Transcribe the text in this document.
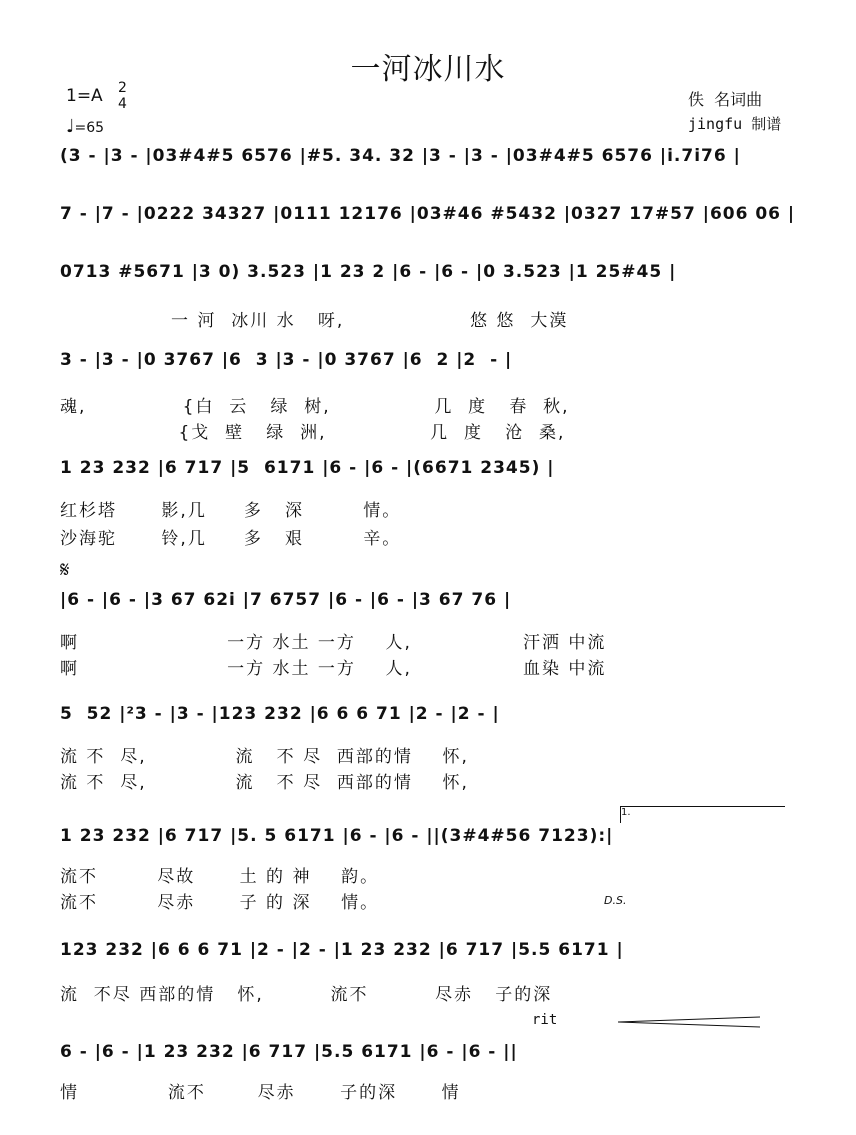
一河冰川水
1=A 2
4
♩=65
佚  名词曲
jingfu 制谱
𝄋
D.S.
rit
1.
(3 - |3 - |03#4#5 6576 |#5. 34. 32 |3 - |3 - |03#4#5 6576 |i.7i76 |
7 - |7 - |0222 34327 |0111 12176 |03#46 #5432 |0327 17#57 |606 06 |
0713 #5671 |3 0) 3.523 |1 23 2 |6 - |6 - |0 3.523 |1 25#45 |
一 河  冰川 水   呀,                 悠 悠  大漠
3 - |3 - |0 3767 |6  3 |3 - |0 3767 |6  2 |2  - |
魂,             {白  云   绿  树,              几  度   春  秋,
{戈  壁   绿  洲,              几  度   沧  桑,
1 23 232 |6 717 |5  6171 |6 - |6 - |(6671 2345) |
红杉塔      影,几     多   深        情。
沙海驼      铃,几     多   艰        辛。
|6 - |6 - |3 67 62i |7 6757 |6 - |6 - |3 67 76 |
啊                    一方 水土 一方    人,               汗洒 中流
啊                    一方 水土 一方    人,               血染 中流
5  52 |²3 - |3 - |123 232 |6 6 6 71 |2 - |2 - |
流 不  尽,            流   不 尽  西部的情    怀,
流 不  尽,            流   不 尽  西部的情    怀,
1 23 232 |6 717 |5. 5 6171 |6 - |6 - ||(3#4#56 7123):|
流不        尽故      土 的 神    韵。
流不        尽赤      子 的 深    情。
123 232 |6 6 6 71 |2 - |2 - |1 23 232 |6 717 |5.5 6171 |
流  不尽 西部的情   怀,         流不         尽赤   子的深
6 - |6 - |1 23 232 |6 717 |5.5 6171 |6 - |6 - ||
情            流不       尽赤      子的深      情
